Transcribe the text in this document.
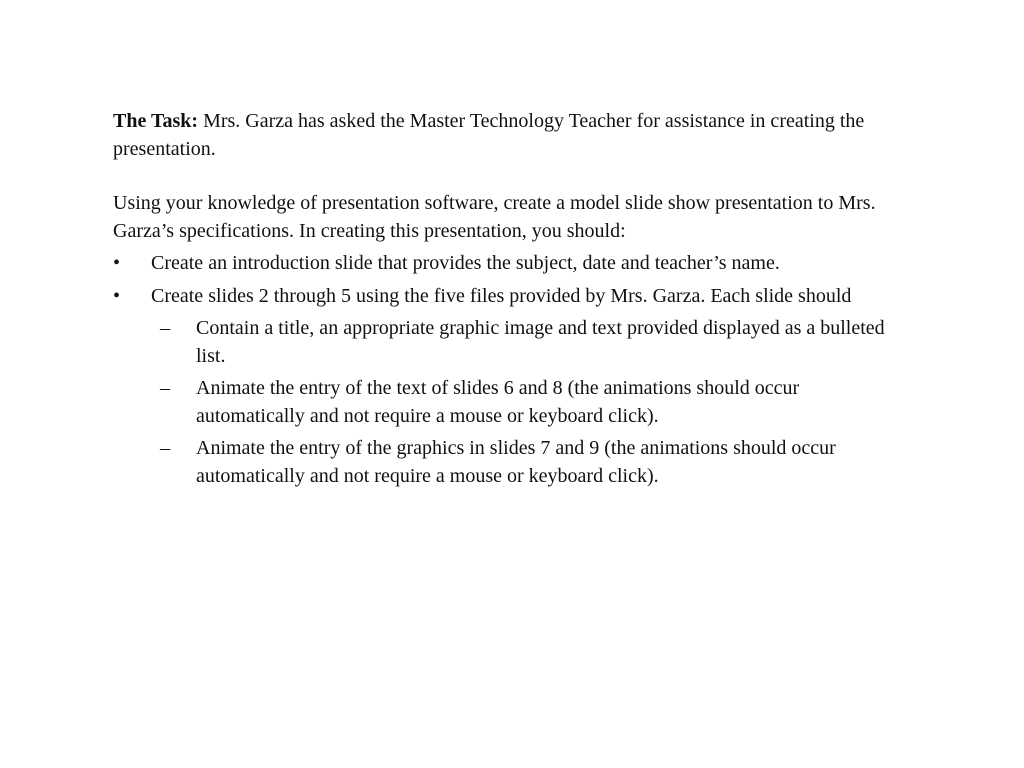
The Task: Mrs. Garza has asked the Master Technology Teacher for assistance in creating the presentation.

Using your knowledge of presentation software, create a model slide show presentation to Mrs. Garza’s specifications. In creating this presentation, you should:

• Create an introduction slide that provides the subject, date and teacher’s name.
• Create slides 2 through 5 using the five files provided by Mrs. Garza. Each slide should
– Contain a title, an appropriate graphic image and text provided displayed as a bulleted list.
– Animate the entry of the text of slides 6 and 8 (the animations should occur automatically and not require a mouse or keyboard click).
– Animate the entry of the graphics in slides 7 and 9 (the animations should occur automatically and not require a mouse or keyboard click).
